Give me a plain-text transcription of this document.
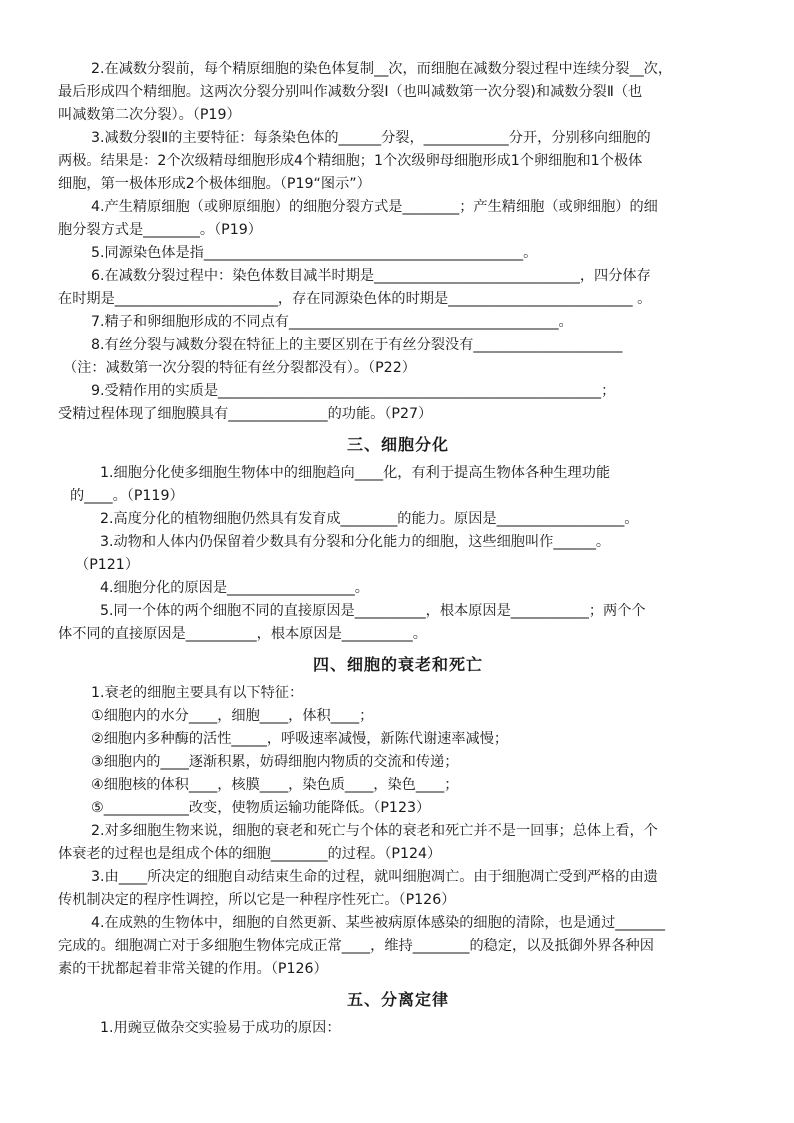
2.在减数分裂前，每个精原细胞的染色体复制__次，而细胞在减数分裂过程中连续分裂__次，
最后形成四个精细胞。这两次分裂分别叫作减数分裂Ⅰ（也叫减数第一次分裂)和减数分裂Ⅱ（也
叫减数第二次分裂）。（P19）
3.减数分裂Ⅱ的主要特征：每条染色体的______分裂，____________分开，分别移向细胞的
两极。结果是：2个次级精母细胞形成4个精细胞；1个次级卵母细胞形成1个卵细胞和1个极体
细胞，第一极体形成2个极体细胞。（P19“图示”）
4.产生精原细胞（或卵原细胞）的细胞分裂方式是________；产生精细胞（或卵细胞）的细
胞分裂方式是________。（P19）
5.同源染色体是指_____________________________________________。
6.在减数分裂过程中：染色体数目减半时期是_____________________________，四分体存
在时期是_______________________，存在同源染色体的时期是__________________________ 。
7.精子和卵细胞形成的不同点有______________________________________。
8.有丝分裂与减数分裂在特征上的主要区别在于有丝分裂没有_____________________
（注：减数第一次分裂的特征有丝分裂都没有）。（P22）
9.受精作用的实质是______________________________________________________；
受精过程体现了细胞膜具有______________的功能。（P27）
三、细胞分化
1.细胞分化使多细胞生物体中的细胞趋向____化，有利于提高生物体各种生理功能
的____。（P119）
2.高度分化的植物细胞仍然具有发育成________的能力。原因是__________________。
3.动物和人体内仍保留着少数具有分裂和分化能力的细胞，这些细胞叫作______。
（P121）
4.细胞分化的原因是__________________。
5.同一个体的两个细胞不同的直接原因是__________，根本原因是___________；两个个
体不同的直接原因是__________，根本原因是__________。
四、细胞的衰老和死亡
1.衰老的细胞主要具有以下特征：
①细胞内的水分____，细胞____，体积____；
②细胞内多种酶的活性_____，呼吸速率减慢，新陈代谢速率减慢；
③细胞内的____逐渐积累，妨碍细胞内物质的交流和传递；
④细胞核的体积____，核膜____，染色质____，染色____；
⑤____________改变，使物质运输功能降低。（P123）
2.对多细胞生物来说，细胞的衰老和死亡与个体的衰老和死亡并不是一回事；总体上看，个
体衰老的过程也是组成个体的细胞________的过程。（P124）
3.由____所决定的细胞自动结束生命的过程，就叫细胞凋亡。由于细胞凋亡受到严格的由遗
传机制决定的程序性调控，所以它是一种程序性死亡。（P126）
4.在成熟的生物体中，细胞的自然更新、某些被病原体感染的细胞的清除，也是通过_______
完成的。细胞凋亡对于多细胞生物体完成正常____，维持________的稳定，以及抵御外界各种因
素的干扰都起着非常关键的作用。（P126）
五、分离定律
1.用豌豆做杂交实验易于成功的原因：
